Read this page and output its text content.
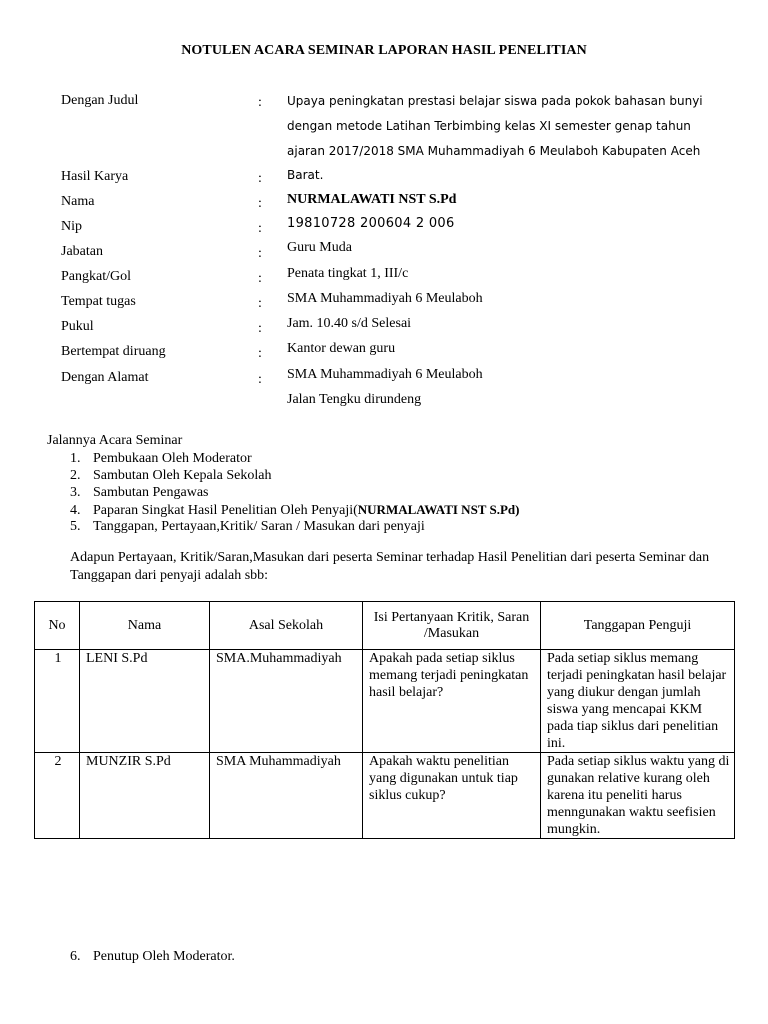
NOTULEN ACARA SEMINAR LAPORAN HASIL PENELITIAN
Dengan Judul	: Upaya peningkatan prestasi belajar siswa pada pokok bahasan bunyi
dengan metode Latihan Terbimbing kelas XI semester genap tahun
ajaran 2017/2018 SMA Muhammadiyah 6 Meulaboh Kabupaten Aceh
Hasil Karya	: Barat.
Nama	: NURMALAWATI NST S.Pd
Nip	: 19810728 200604 2 006
Jabatan	: Guru Muda
Pangkat/Gol	: Penata tingkat 1, III/c
Tempat tugas	: SMA Muhammadiyah 6 Meulaboh
Pukul	: Jam. 10.40 s/d Selesai
Bertempat diruang	: Kantor dewan guru
Dengan Alamat	: SMA Muhammadiyah 6 Meulaboh
Jalan Tengku dirundeng
Jalannya Acara Seminar
1. Pembukaan Oleh Moderator
2. Sambutan Oleh Kepala Sekolah
3. Sambutan Pengawas
4. Paparan Singkat Hasil Penelitian Oleh Penyaji(NURMALAWATI NST S.Pd)
5. Tanggapan, Pertayaan,Kritik/ Saran / Masukan dari penyaji
Adapun Pertayaan, Kritik/Saran,Masukan dari peserta Seminar terhadap Hasil Penelitian dari peserta Seminar dan Tanggapan dari penyaji adalah sbb:
No	Nama	Asal Sekolah	Isi Pertanyaan Kritik, Saran /Masukan	Tanggapan Penguji
1	LENI S.Pd	SMA.Muhammadiyah	Apakah pada setiap siklus memang terjadi peningkatan hasil belajar?	Pada setiap siklus memang terjadi peningkatan hasil belajar yang diukur dengan jumlah siswa yang mencapai KKM pada tiap siklus dari penelitian ini.
2	MUNZIR S.Pd	SMA Muhammadiyah	Apakah waktu penelitian yang digunakan untuk tiap siklus cukup?	Pada setiap siklus waktu yang di gunakan relative kurang oleh karena itu peneliti harus menngunakan waktu seefisien mungkin.
6. Penutup Oleh Moderator.
